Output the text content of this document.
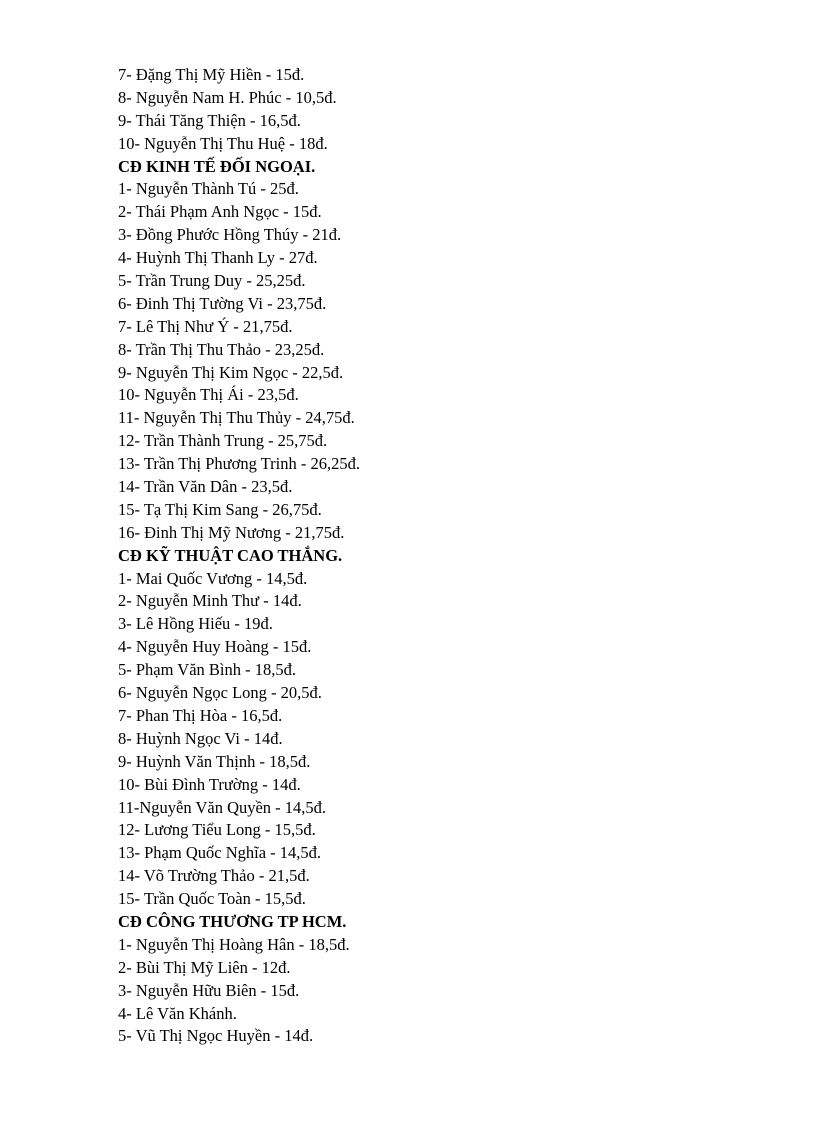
7- Đặng Thị Mỹ Hiền - 15đ.

8- Nguyễn Nam H. Phúc - 10,5đ.

9- Thái Tăng Thiện - 16,5đ.

10- Nguyễn Thị Thu Huệ - 18đ.

CĐ KINH TẾ ĐỐI NGOẠI.

1- Nguyễn Thành Tú - 25đ.

2- Thái Phạm Anh Ngọc - 15đ.

3- Đồng Phước Hồng Thúy - 21đ.

4- Huỳnh Thị Thanh Ly - 27đ.

5- Trần Trung Duy - 25,25đ.

6- Đinh Thị Tường Vi - 23,75đ.

7- Lê Thị Như Ý - 21,75đ.

8- Trần Thị Thu Thảo - 23,25đ.

9- Nguyễn Thị Kim Ngọc - 22,5đ.

10- Nguyễn Thị Ái - 23,5đ.

11- Nguyễn Thị Thu Thủy - 24,75đ.

12- Trần Thành Trung - 25,75đ.

13- Trần Thị Phương Trinh - 26,25đ.

14- Trần Văn Dân - 23,5đ.

15- Tạ Thị Kim Sang - 26,75đ.

16- Đinh Thị Mỹ Nương - 21,75đ.

CĐ KỸ THUẬT CAO THẮNG.

1- Mai Quốc Vương - 14,5đ.

2- Nguyễn Minh Thư - 14đ.

3- Lê Hồng Hiếu - 19đ.

4- Nguyễn Huy Hoàng - 15đ.

5- Phạm Văn Bình - 18,5đ.

6- Nguyễn Ngọc Long - 20,5đ.

7- Phan Thị Hòa - 16,5đ.

8- Huỳnh Ngọc Vi - 14đ.

9- Huỳnh Văn Thịnh - 18,5đ.

10- Bùi Đình Trường - 14đ.

11-Nguyễn Văn Quyền - 14,5đ.

12- Lương Tiểu Long - 15,5đ.

13- Phạm Quốc Nghĩa - 14,5đ.

14- Võ Trường Thảo - 21,5đ.

15- Trần Quốc Toàn - 15,5đ.

CĐ CÔNG THƯƠNG TP HCM.

1- Nguyễn Thị Hoàng Hân - 18,5đ.

2- Bùi Thị Mỹ Liên - 12đ.

3- Nguyễn Hữu Biên - 15đ.

4- Lê Văn Khánh.

5- Vũ Thị Ngọc Huyền - 14đ.
